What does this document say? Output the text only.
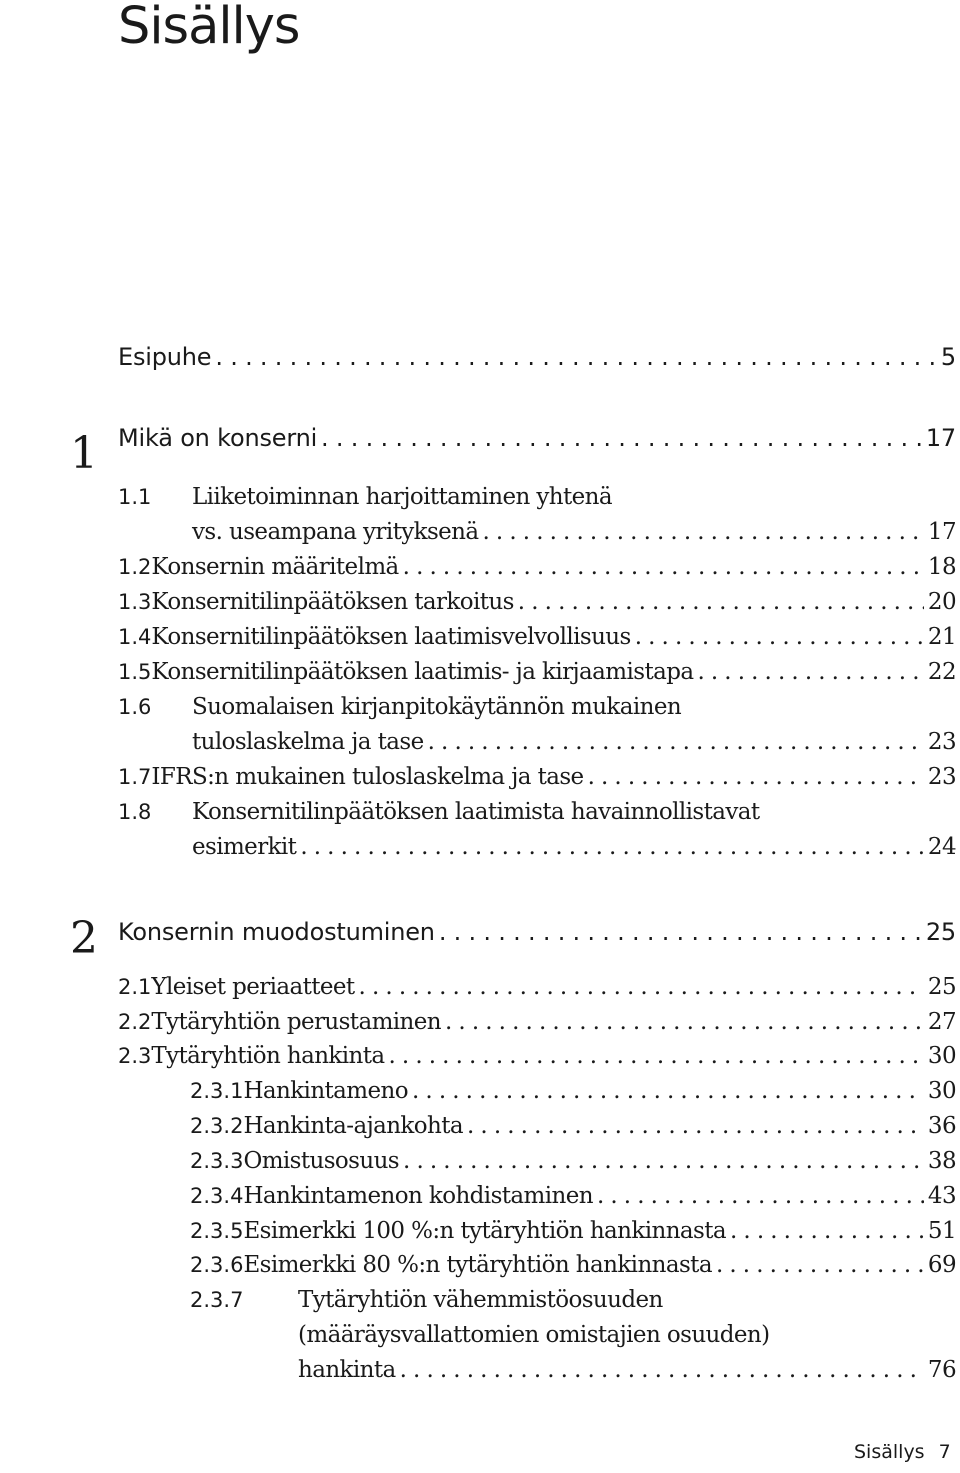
Sisällys
Esipuhe . . .	5
1 Mikä on konserni . . .	17
1.1	Liiketoiminnan harjoittaminen yhtenä
vs. useampana yrityksenä . . .	17
1.2 Konsernin määritelmä . . .	18
1.3 Konsernitilinpäätöksen tarkoitus . . .	20
1.4 Konsernitilinpäätöksen laatimisvelvollisuus . . .	21
1.5 Konsernitilinpäätöksen laatimis- ja kirjaamistapa . . .	22
1.6	Suomalaisen kirjanpitokäytännön mukainen
tuloslaskelma ja tase . . .	23
1.7 IFRS:n mukainen tuloslaskelma ja tase . . .	23
1.8	Konsernitilinpäätöksen laatimista havainnollistavat
esimerkit . . .	24
2 Konsernin muodostuminen . . .	25
2.1 Yleiset periaatteet . . .	25
2.2 Tytäryhtiön perustaminen . . .	27
2.3 Tytäryhtiön hankinta . . .	30
2.3.1 Hankintameno . . .	30
2.3.2 Hankinta-ajankohta . . .	36
2.3.3 Omistusosuus . . .	38
2.3.4 Hankintamenon kohdistaminen . . .	43
2.3.5 Esimerkki 100 %:n tytäryhtiön hankinnasta . . .	51
2.3.6 Esimerkki 80 %:n tytäryhtiön hankinnasta . . .	69
2.3.7	Tytäryhtiön vähemmistöosuuden
(määräysvallattomien omistajien osuuden)
hankinta . . .	76
Sisällys 7
